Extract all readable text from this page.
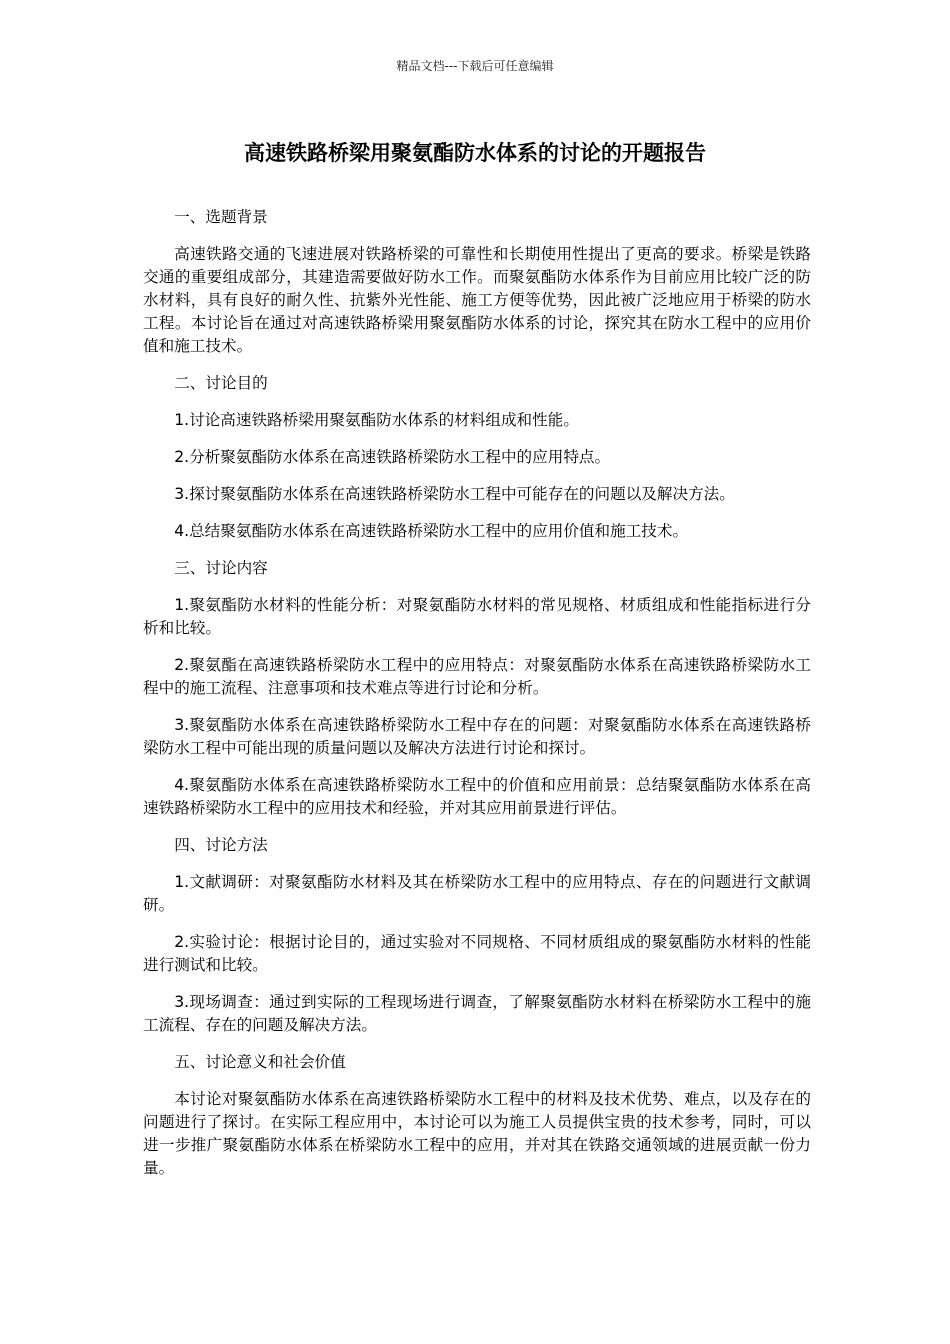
精品文档---下载后可任意编辑
高速铁路桥梁用聚氨酯防水体系的讨论的开题报告

一、选题背景

高速铁路交通的飞速进展对铁路桥梁的可靠性和长期使用性提出了更高的要求。桥梁是铁路交通的重要组成部分，其建造需要做好防水工作。而聚氨酯防水体系作为目前应用比较广泛的防水材料，具有良好的耐久性、抗紫外光性能、施工方便等优势，因此被广泛地应用于桥梁的防水工程。本讨论旨在通过对高速铁路桥梁用聚氨酯防水体系的讨论，探究其在防水工程中的应用价值和施工技术。

二、讨论目的

1.讨论高速铁路桥梁用聚氨酯防水体系的材料组成和性能。

2.分析聚氨酯防水体系在高速铁路桥梁防水工程中的应用特点。

3.探讨聚氨酯防水体系在高速铁路桥梁防水工程中可能存在的问题以及解决方法。

4.总结聚氨酯防水体系在高速铁路桥梁防水工程中的应用价值和施工技术。

三、讨论内容

1.聚氨酯防水材料的性能分析：对聚氨酯防水材料的常见规格、材质组成和性能指标进行分析和比较。

2.聚氨酯在高速铁路桥梁防水工程中的应用特点：对聚氨酯防水体系在高速铁路桥梁防水工程中的施工流程、注意事项和技术难点等进行讨论和分析。

3.聚氨酯防水体系在高速铁路桥梁防水工程中存在的问题：对聚氨酯防水体系在高速铁路桥梁防水工程中可能出现的质量问题以及解决方法进行讨论和探讨。

4.聚氨酯防水体系在高速铁路桥梁防水工程中的价值和应用前景：总结聚氨酯防水体系在高速铁路桥梁防水工程中的应用技术和经验，并对其应用前景进行评估。

四、讨论方法

1.文献调研：对聚氨酯防水材料及其在桥梁防水工程中的应用特点、存在的问题进行文献调研。

2.实验讨论：根据讨论目的，通过实验对不同规格、不同材质组成的聚氨酯防水材料的性能进行测试和比较。

3.现场调查：通过到实际的工程现场进行调查，了解聚氨酯防水材料在桥梁防水工程中的施工流程、存在的问题及解决方法。

五、讨论意义和社会价值

本讨论对聚氨酯防水体系在高速铁路桥梁防水工程中的材料及技术优势、难点，以及存在的问题进行了探讨。在实际工程应用中，本讨论可以为施工人员提供宝贵的技术参考，同时，可以进一步推广聚氨酯防水体系在桥梁防水工程中的应用，并对其在铁路交通领域的进展贡献一份力量。
